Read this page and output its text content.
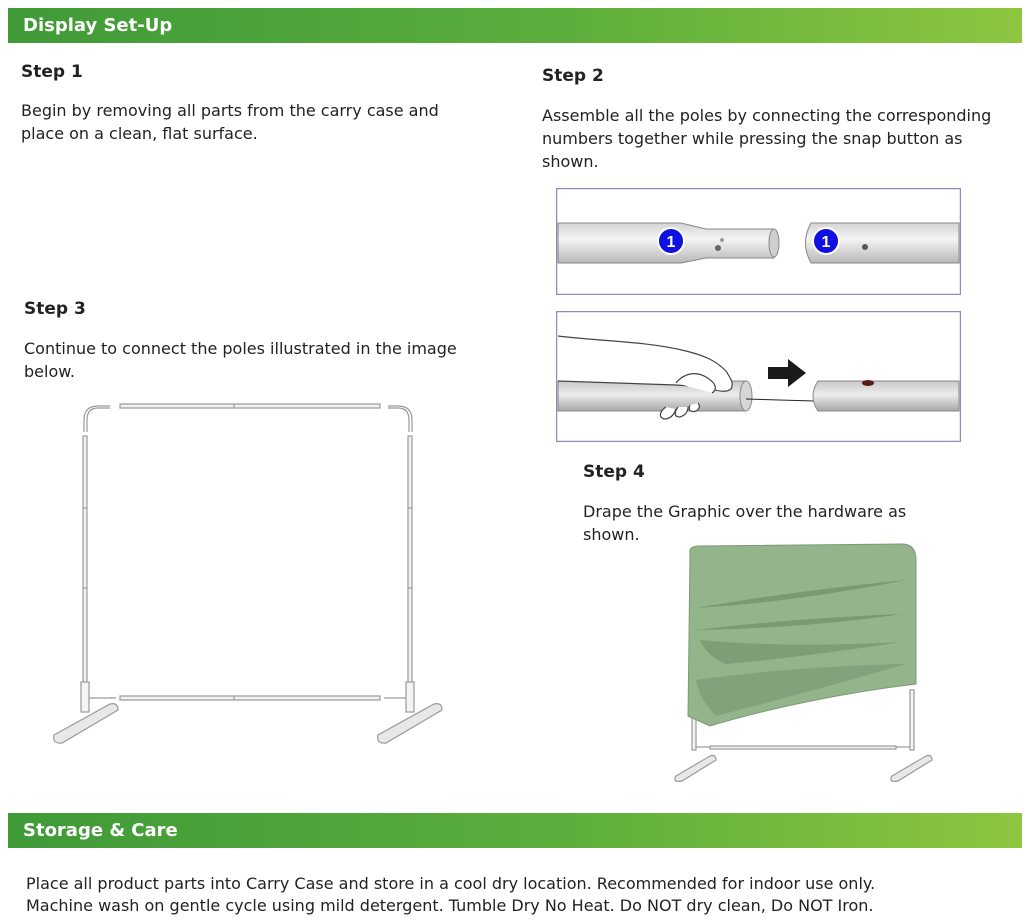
Display Set-Up
Step 1
Begin by removing all parts from the carry case and place on a clean, flat surface.
Step 2
Assemble all the poles by connecting the corresponding numbers together while pressing the snap button as shown.
1	1
Step 3
Continue to connect the poles illustrated in the image below.
Step 4
Drape the Graphic over the hardware as shown.
Storage & Care
Place all product parts into Carry Case and store in a cool dry location. Recommended for indoor use only.
Machine wash on gentle cycle using mild detergent. Tumble Dry No Heat. Do NOT dry clean, Do NOT Iron.
